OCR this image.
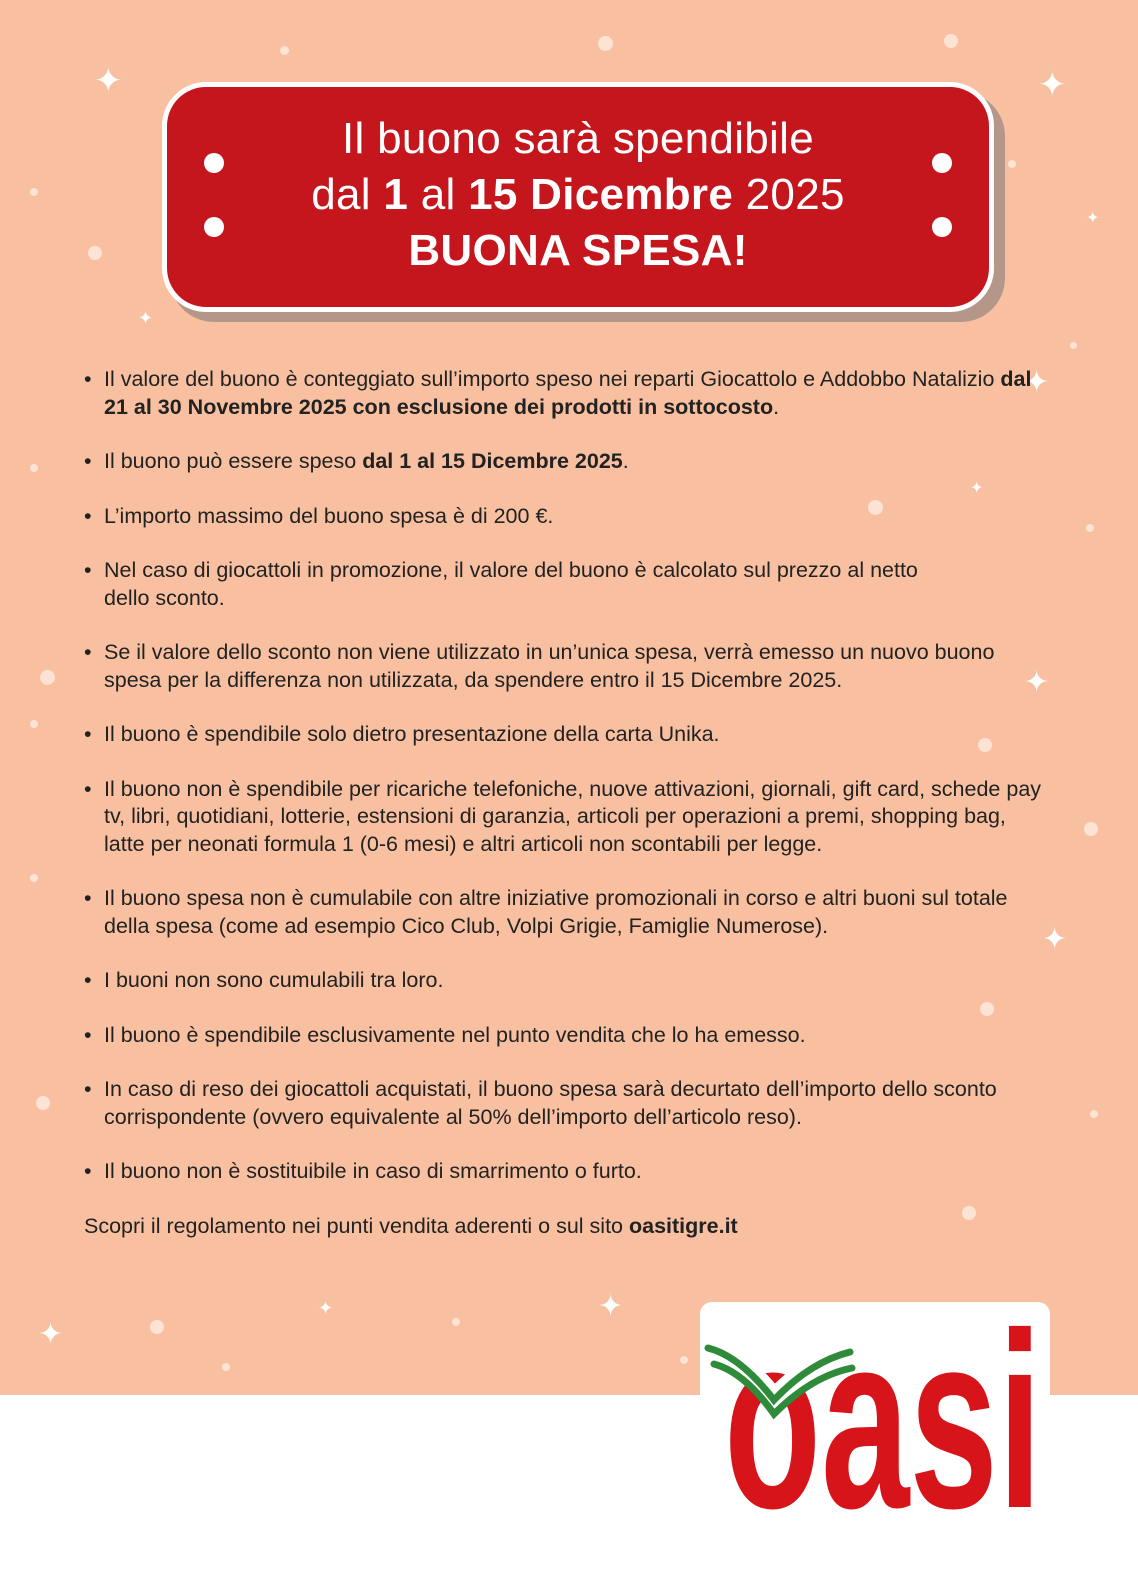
✦	✦
✦
✦
✦
✦
✦
✦
✦
✦
✦
Il buono sarà spendibile
dal 1 al 15 Dicembre 2025
BUONA SPESA!
• Il valore del buono è conteggiato sull’importo speso nei reparti Giocattolo e Addobbo Natalizio dal 21 al 30 Novembre 2025 con esclusione dei prodotti in sottocosto.
• Il buono può essere speso dal 1 al 15 Dicembre 2025.
• L’importo massimo del buono spesa è di 200 €.
• Nel caso di giocattoli in promozione, il valore del buono è calcolato sul prezzo al netto dello sconto.
• Se il valore dello sconto non viene utilizzato in un’unica spesa, verrà emesso un nuovo buono spesa per la differenza non utilizzata, da spendere entro il 15 Dicembre 2025.
• Il buono è spendibile solo dietro presentazione della carta Unika.
• Il buono non è spendibile per ricariche telefoniche, nuove attivazioni, giornali, gift card, schede pay tv, libri, quotidiani, lotterie, estensioni di garanzia, articoli per operazioni a premi, shopping bag, latte per neonati formula 1 (0-6 mesi) e altri articoli non scontabili per legge.
• Il buono spesa non è cumulabile con altre iniziative promozionali in corso e altri buoni sul totale della spesa (come ad esempio Cico Club, Volpi Grigie, Famiglie Numerose).
• I buoni non sono cumulabili tra loro.
• Il buono è spendibile esclusivamente nel punto vendita che lo ha emesso.
• In caso di reso dei giocattoli acquistati, il buono spesa sarà decurtato dell’importo dello sconto corrispondente (ovvero equivalente al 50% dell’importo dell’articolo reso).
• Il buono non è sostituibile in caso di smarrimento o furto.
Scopri il regolamento nei punti vendita aderenti o sul sito oasitigre.it
oasi
